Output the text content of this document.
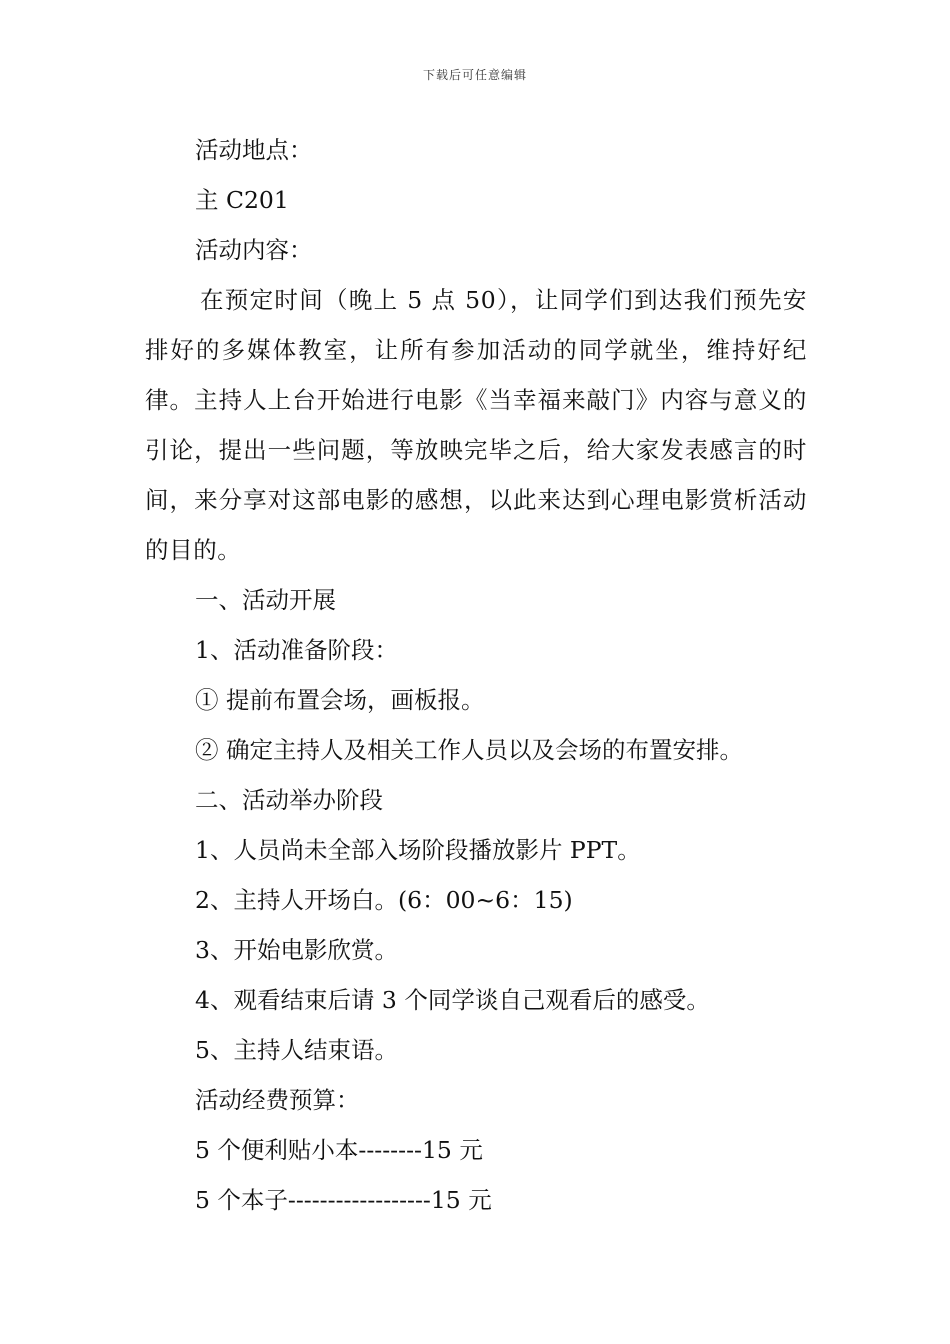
下载后可任意编辑
活动地点：
主 C201
活动内容：
在预定时间（晚上 5 点 50），让同学们到达我们预先安排好的多媒体教室，让所有参加活动的同学就坐，维持好纪律。主持人上台开始进行电影《当幸福来敲门》内容与意义的引论，提出一些问题，等放映完毕之后，给大家发表感言的时间，来分享对这部电影的感想，以此来达到心理电影赏析活动的目的。
一、活动开展
1、活动准备阶段：
① 提前布置会场，画板报。
② 确定主持人及相关工作人员以及会场的布置安排。
二、活动举办阶段
1、人员尚未全部入场阶段播放影片 PPT。
2、主持人开场白。(6：00~6：15)
3、开始电影欣赏。
4、观看结束后请 3 个同学谈自己观看后的感受。
5、主持人结束语。
活动经费预算：
5 个便利贴小本--------15 元
5 个本子------------------15 元
